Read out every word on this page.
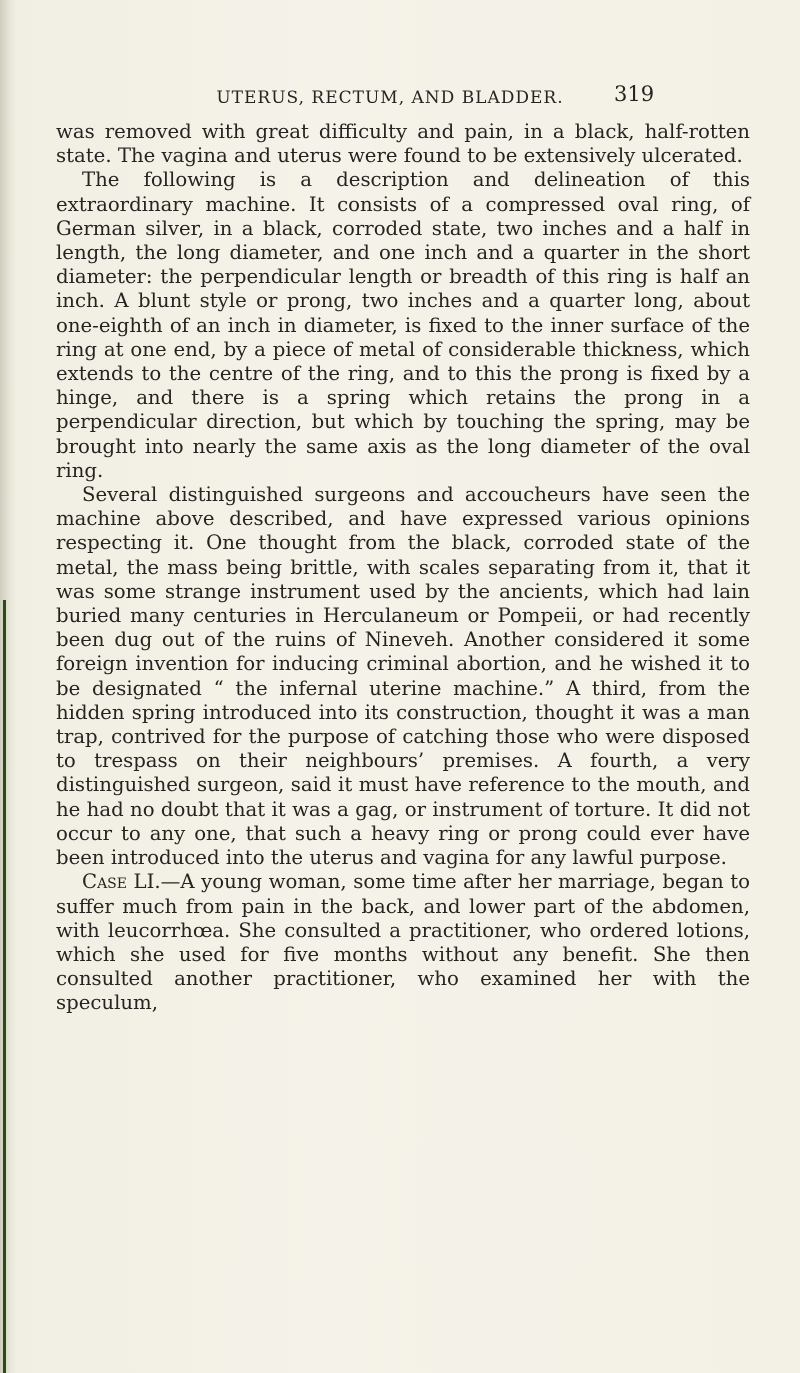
UTERUS, RECTUM, AND BLADDER.	319

was removed with great difficulty and pain, in a black, half-rotten state. The vagina and uterus were found to be extensively ulcerated.

The following is a description and delineation of this extraordinary machine. It consists of a compressed oval ring, of German silver, in a black, corroded state, two inches and a half in length, the long diameter, and one inch and a quarter in the short diameter: the perpendicular length or breadth of this ring is half an inch. A blunt style or prong, two inches and a quarter long, about one-eighth of an inch in diameter, is fixed to the inner surface of the ring at one end, by a piece of metal of considerable thickness, which extends to the centre of the ring, and to this the prong is fixed by a hinge, and there is a spring which retains the prong in a perpendicular direction, but which by touching the spring, may be brought into nearly the same axis as the long diameter of the oval ring.

Several distinguished surgeons and accoucheurs have seen the machine above described, and have expressed various opinions respecting it. One thought from the black, corroded state of the metal, the mass being brittle, with scales separating from it, that it was some strange instrument used by the ancients, which had lain buried many centuries in Herculaneum or Pompeii, or had recently been dug out of the ruins of Nineveh. Another considered it some foreign invention for inducing criminal abortion, and he wished it to be designated “ the infernal uterine machine.” A third, from the hidden spring introduced into its construction, thought it was a man trap, contrived for the purpose of catching those who were disposed to trespass on their neighbours’ premises. A fourth, a very distinguished surgeon, said it must have reference to the mouth, and he had no doubt that it was a gag, or instrument of torture. It did not occur to any one, that such a heavy ring or prong could ever have been introduced into the uterus and vagina for any lawful purpose.

Case LI.—A young woman, some time after her marriage, began to suffer much from pain in the back, and lower part of the abdomen, with leucorrhœa. She consulted a practitioner, who ordered lotions, which she used for five months without any benefit. She then consulted another practitioner, who examined her with the speculum,
